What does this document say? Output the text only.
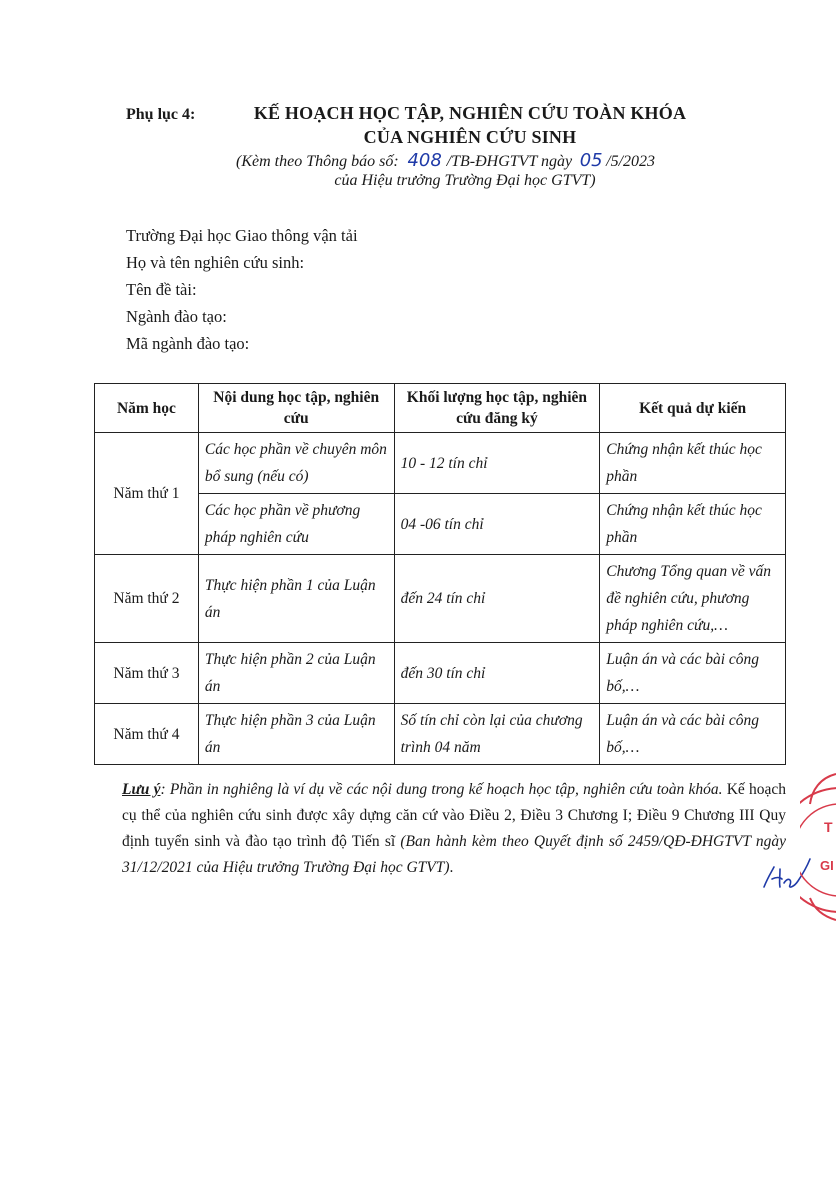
Phụ lục 4:	KẾ HOẠCH HỌC TẬP, NGHIÊN CỨU TOÀN KHÓA
CỦA NGHIÊN CỨU SINH
(Kèm theo Thông báo số: 408 /TB-ĐHGTVT ngày 05 /5/2023
của Hiệu trưởng Trường Đại học GTVT)
Trường Đại học Giao thông vận tải
Họ và tên nghiên cứu sinh:
Tên đề tài:
Ngành đào tạo:
Mã ngành đào tạo:
Năm học	Nội dung học tập, nghiên cứu	Khối lượng học tập, nghiên cứu đăng ký	Kết quả dự kiến
Năm thứ 1	Các học phần về chuyên môn bổ sung (nếu có)	10 - 12 tín chỉ	Chứng nhận kết thúc học phần
	Các học phần về phương pháp nghiên cứu	04 -06 tín chỉ	Chứng nhận kết thúc học phần
Năm thứ 2	Thực hiện phần 1 của Luận án	đến 24 tín chỉ	Chương Tổng quan về vấn đề nghiên cứu, phương pháp nghiên cứu,…
Năm thứ 3	Thực hiện phần 2 của Luận án	đến 30 tín chỉ	Luận án và các bài công bố,…
Năm thứ 4	Thực hiện phần 3 của Luận án	Số tín chỉ còn lại của chương trình 04 năm	Luận án và các bài công bố,…
Lưu ý: Phần in nghiêng là ví dụ về các nội dung trong kế hoạch học tập, nghiên cứu toàn khóa. Kế hoạch cụ thể của nghiên cứu sinh được xây dựng căn cứ vào Điều 2, Điều 3 Chương I; Điều 9 Chương III Quy định tuyển sinh và đào tạo trình độ Tiến sĩ (Ban hành kèm theo Quyết định số 2459/QĐ-ĐHGTVT ngày 31/12/2021 của Hiệu trưởng Trường Đại học GTVT).
T
GI
